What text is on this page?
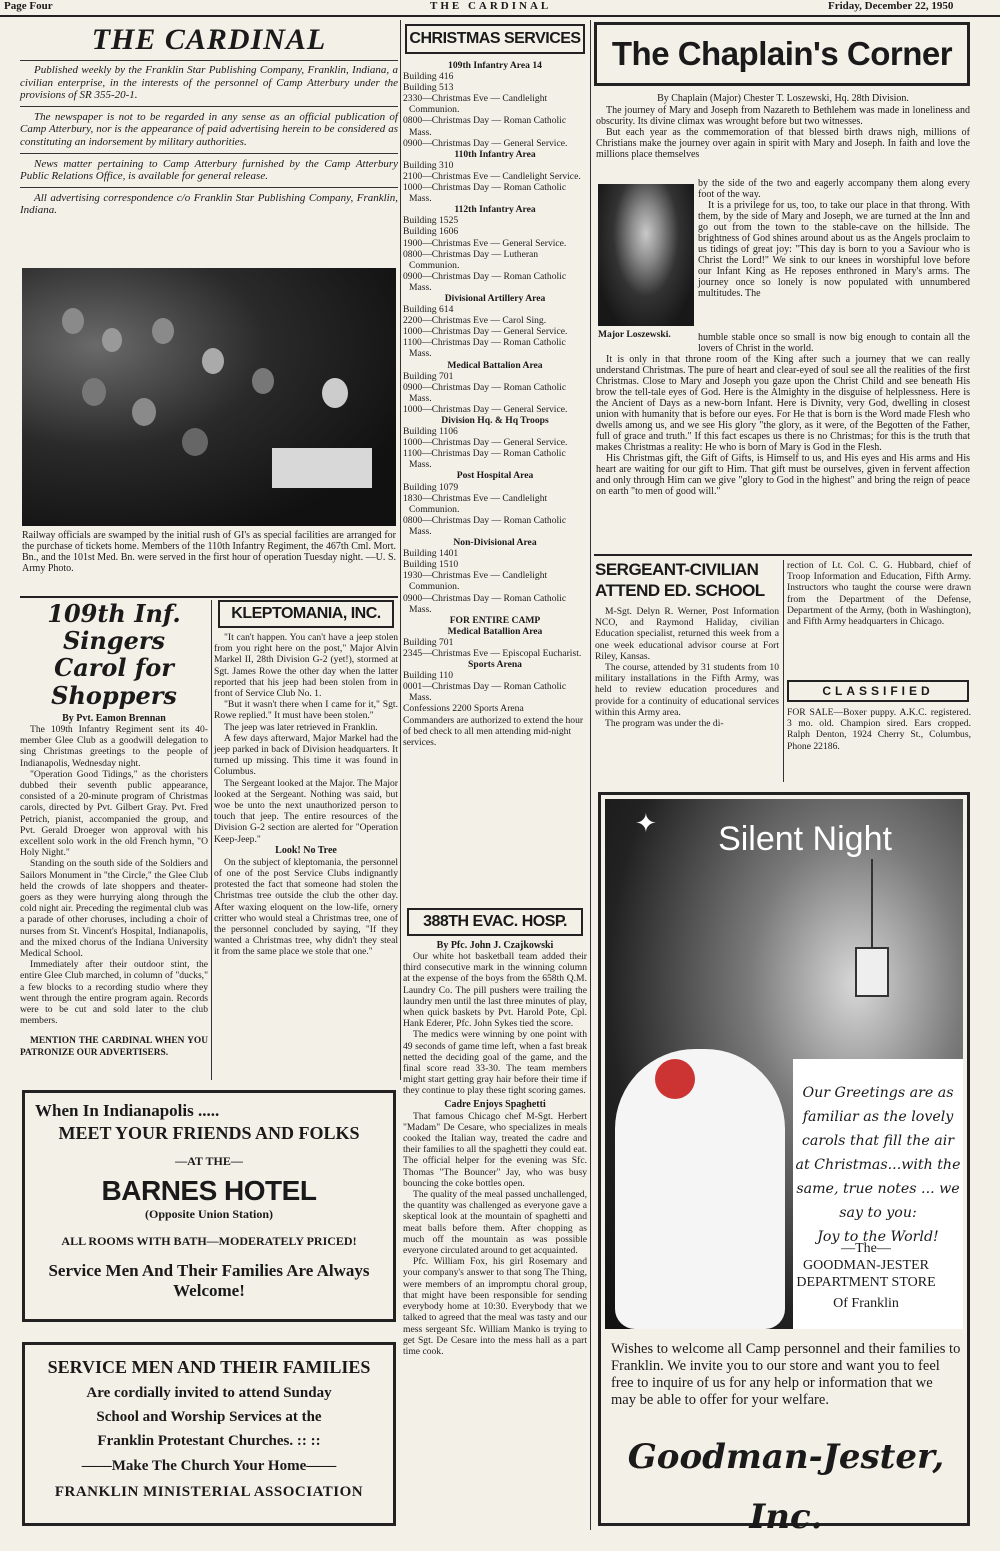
Page Four	THE CARDINAL	Friday, December 22, 1950
THE CARDINAL

Published weekly by the Franklin Star Publishing Company, Franklin, Indiana, a civilian enterprise, in the interests of the personnel of Camp Atterbury under the provisions of SR 355-20-1.

The newspaper is not to be regarded in any sense as an official publication of Camp Atterbury, nor is the appearance of paid advertising herein to be considered as constituting an indorsement by military authorities.

News matter pertaining to Camp Atterbury furnished by the Camp Atterbury Public Relations Office, is available for general release.

All advertising correspondence c/o Franklin Star Publishing Company, Franklin, Indiana.

Railway officials are swamped by the initial rush of GI's as special facilities are arranged for the purchase of tickets home. Members of the 110th Infantry Regiment, the 467th Cml. Mort. Bn., and the 101st Med. Bn. were served in the first hour of operation Tuesday night. —U. S. Army Photo.
109th Inf. Singers
Carol for Shoppers
By Pvt. Eamon Brennan

The 109th Infantry Regiment sent its 40-member Glee Club as a goodwill delegation to sing Christmas greetings to the people of Indianapolis, Wednesday night.

"Operation Good Tidings," as the choristers dubbed their seventh public appearance, consisted of a 20-minute program of Christmas carols, directed by Pvt. Gilbert Gray. Pvt. Fred Petrich, pianist, accompanied the group, and Pvt. Gerald Droeger won approval with his excellent solo work in the old French hymn, "O Holy Night."

Standing on the south side of the Soldiers and Sailors Monument in "the Circle," the Glee Club held the crowds of late shoppers and theater-goers as they were hurrying along through the cold night air. Preceding the regimental club was a parade of other choruses, including a choir of nurses from St. Vincent's Hospital, Indianapolis, and the mixed chorus of the Indiana University Medical School.

Immediately after their outdoor stint, the entire Glee Club marched, in column of "ducks," a few blocks to a recording studio where they went through the entire program again. Records were to be cut and sold later to the club members.

MENTION THE CARDINAL WHEN YOU PATRONIZE OUR ADVERTISERS.

KLEPTOMANIA, INC.

"It can't happen. You can't have a jeep stolen from you right here on the post," Major Alvin Markel II, 28th Division G-2 (yet!), stormed at Sgt. James Rowe the other day when the latter reported that his jeep had been stolen from in front of Service Club No. 1.

"But it wasn't there when I came for it," Sgt. Rowe replied." It must have been stolen."

The jeep was later retrieved in Franklin.

A few days afterward, Major Markel had the jeep parked in back of Division headquarters. It turned up missing. This time it was found in Columbus.

The Sergeant looked at the Major. The Major looked at the Sergeant. Nothing was said, but woe be unto the next unauthorized person to touch that jeep. The entire resources of the Division G-2 section are alerted for "Operation Keep-Jeep."

Look! No Tree

On the subject of kleptomania, the personnel of one of the post Service Clubs indignantly protested the fact that someone had stolen the Christmas tree outside the club the other day. After waxing eloquent on the low-life, ornery critter who would steal a Christmas tree, one of the personnel concluded by saying, "If they wanted a Christmas tree, why didn't they steal it from the same place we stole that one."

When In Indianapolis .....
MEET YOUR FRIENDS AND FOLKS
—AT THE—
BARNES HOTEL
(Opposite Union Station)
ALL ROOMS WITH BATH—MODERATELY PRICED!
Service Men And Their Families Are Always Welcome!
SERVICE MEN AND THEIR FAMILIES
Are cordially invited to attend Sunday
School and Worship Services at the
Franklin Protestant Churches. :: ::
——Make The Church Your Home——
FRANKLIN MINISTERIAL ASSOCIATION
CHRISTMAS SERVICES
109th Infantry Area 14
Building 416
Building 513
2330—Christmas Eve — Candlelight Communion.
0800—Christmas Day — Roman Catholic Mass.
0900—Christmas Day — General Service.
110th Infantry Area
Building 310
2100—Christmas Eve — Candlelight Service.
1000—Christmas Day — Roman Catholic Mass.
112th Infantry Area
Building 1525
Building 1606
1900—Christmas Eve — General Service.
0800—Christmas Day — Lutheran Communion.
0900—Christmas Day — Roman Catholic Mass.
Divisional Artillery Area
Building 614
2200—Christmas Eve — Carol Sing.
1000—Christmas Day — General Service.
1100—Christmas Day — Roman Catholic Mass.
Medical Battalion Area
Building 701
0900—Christmas Day — Roman Catholic Mass.
1000—Christmas Day — General Service.
Division Hq. & Hq Troops
Building 1106
1000—Christmas Day — General Service.
1100—Christmas Day — Roman Catholic Mass.
Post Hospital Area
Building 1079
1830—Christmas Eve — Candlelight Communion.
0800—Christmas Day — Roman Catholic Mass.
Non-Divisional Area
Building 1401
Building 1510
1930—Christmas Eve — Candlelight Communion.
0900—Christmas Day — Roman Catholic Mass.
FOR ENTIRE CAMP
Medical Batallion Area
Building 701
2345—Christmas Eve — Episcopal Eucharist.
Sports Arena
Building 110
0001—Christmas Day — Roman Catholic Mass.
Confessions 2200 Sports Arena
Commanders are authorized to extend the hour of bed check to all men attending mid-night services.
388TH EVAC. HOSP.
By Pfc. John J. Czajkowski

Our white hot basketball team added their third consecutive mark in the winning column at the expense of the boys from the 658th Q.M. Laundry Co. The pill pushers were trailing the laundry men until the last three minutes of play, when quick baskets by Pvt. Harold Pote, Cpl. Hank Ederer, Pfc. John Sykes tied the score.

The medics were winning by one point with 49 seconds of game time left, when a fast break netted the deciding goal of the game, and the final score read 33-30. The team members might start getting gray hair before their time if they continue to play these tight scoring games.

Cadre Enjoys Spaghetti

That famous Chicago chef M-Sgt. Herbert "Madam" De Cesare, who specializes in meals cooked the Italian way, treated the cadre and their families to all the spaghetti they could eat. The official helper for the evening was Sfc. Thomas "The Bouncer" Jay, who was busy bouncing the coke bottles open.

The quality of the meal passed unchallenged, the quantity was challenged as everyone gave a skeptical look at the mountain of spaghetti and meat balls before them. After chopping as much off the mountain as was possible everyone circulated around to get acquainted.

Pfc. William Fox, his girl Rosemary and your company's answer to that song The Thing, were members of an impromptu choral group, that might have been responsible for sending everybody home at 10:30. Everybody that we talked to agreed that the meal was tasty and our mess sergeant Sfc. William Manko is trying to get Sgt. De Cesare into the mess hall as a part time cook.

The Chaplain's Corner
By Chaplain (Major) Chester T. Loszewski, Hq. 28th Division.

The journey of Mary and Joseph from Nazareth to Bethlehem was made in loneliness and obscurity. Its divine climax was wrought before but two witnesses.

But each year as the commemoration of that blessed birth draws nigh, millions of Christians make the journey over again in spirit with Mary and Joseph. In faith and love the millions place themselves

Major Loszewski.

by the side of the two and eagerly accompany them along every foot of the way.

It is a privilege for us, too, to take our place in that throng. With them, by the side of Mary and Joseph, we are turned at the Inn and go out from the town to the stable-cave on the hillside. The brightness of God shines around about us as the Angels proclaim to us tidings of great joy: "This day is born to you a Saviour who is Christ the Lord!" We sink to our knees in worshipful love before our Infant King as He reposes enthroned in Mary's arms. The journey once so lonely is now populated with unnumbered multitudes. The

humble stable once so small is now big enough to contain all the lovers of Christ in the world.

It is only in that throne room of the King after such a journey that we can really understand Christmas. The pure of heart and clear-eyed of soul see all the realities of the first Christmas. Close to Mary and Joseph you gaze upon the Christ Child and see beneath His brow the tell-tale eyes of God. Here is the Almighty in the disguise of helplessness. Here is the Ancient of Days as a new-born Infant. Here is Divnity, very God, dwelling in closest union with humanity that is before our eyes. For He that is born is the Word made Flesh who dwells among us, and we see His glory "the glory, as it were, of the Begotten of the Father, full of grace and truth." If this fact escapes us there is no Christmas; for this is the truth that makes Christmas a reality: He who is born of Mary is God in the Flesh.

His Christmas gift, the Gift of Gifts, is Himself to us, and His eyes and His arms and His heart are waiting for our gift to Him. That gift must be ourselves, given in fervent affection and only through Him can we give "glory to God in the highest" and bring the reign of peace on earth "to men of good will."

SERGEANT-CIVILIAN
ATTEND ED. SCHOOL

M-Sgt. Delyn R. Werner, Post Information NCO, and Raymond Haliday, civilian Education specialist, returned this week from a one week educational advisor course at Fort Riley, Kansas.

The course, attended by 31 students from 10 military installations in the Fifth Army, was held to review education procedures and provide for a continuity of educational services within this Army area.

The program was under the di-

rection of Lt. Col. C. G. Hubbard, chief of Troop Information and Education, Fifth Army. Instructors who taught the course were drawn from the Department of the Defense, Department of the Army, (both in Washington), and Fifth Army headquarters in Chicago.

CLASSIFIED
FOR SALE—Boxer puppy. A.K.C. registered. 3 mo. old. Champion sired. Ears cropped. Ralph Denton, 1924 Cherry St., Columbus, Phone 22186.
Silent Night
✦
Our Greetings are as
familiar as the lovely
carols that fill the air
at Christmas...with the
same, true notes ... we
say to you:
Joy to the World!
—The—
GOODMAN-JESTER
DEPARTMENT STORE
Of Franklin
Wishes to welcome all Camp personnel and their families to Franklin. We invite you to our store and want you to feel free to inquire of us for any help or information that we may be able to offer for your welfare.
Goodman-Jester, Inc.
